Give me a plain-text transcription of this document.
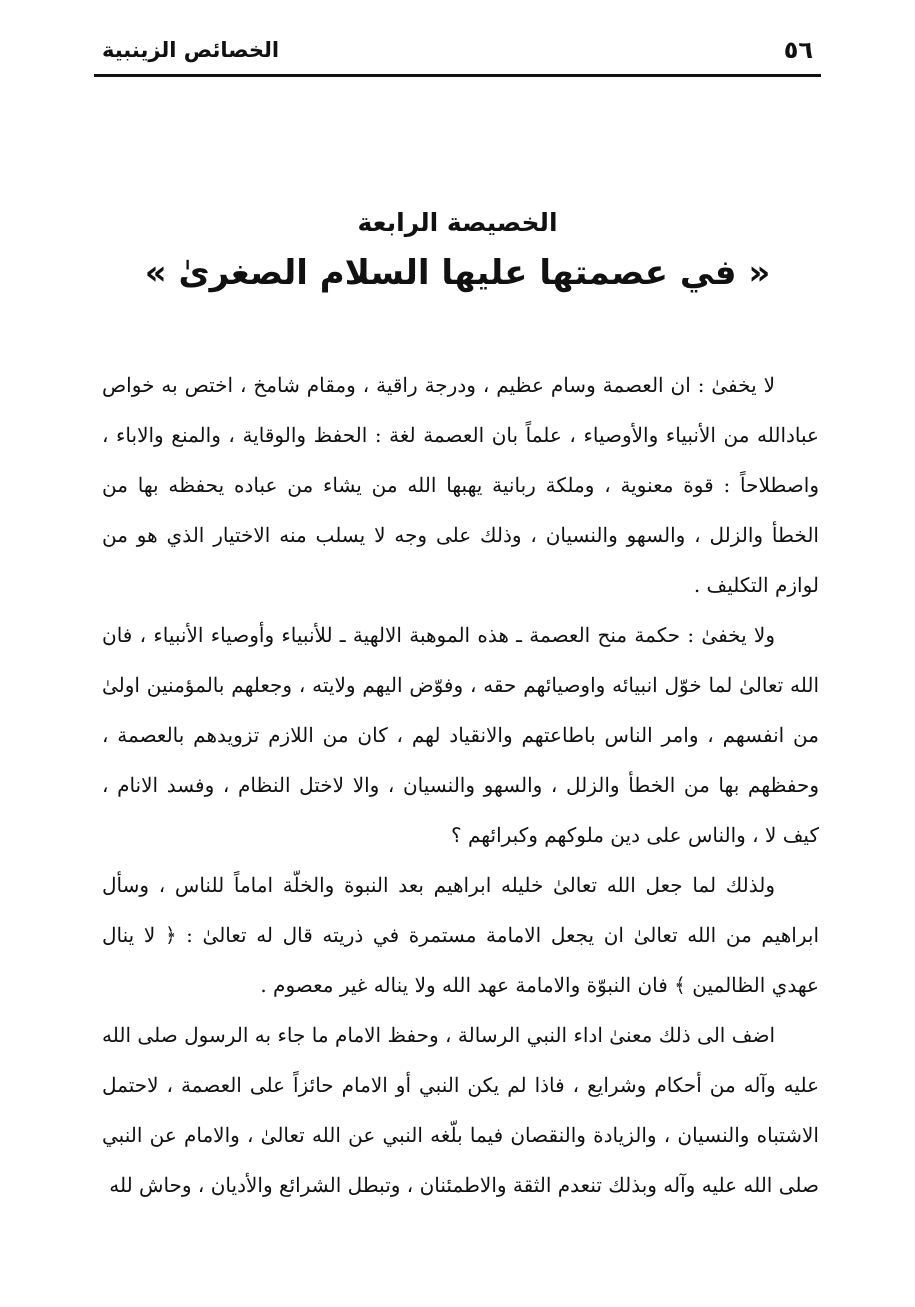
الخصائص الزينبية	٥٦
الخصيصة الرابعة
« في عصمتها عليها السلام الصغرىٰ »

لا يخفىٰ : ان العصمة وسام عظيم ، ودرجة راقية ، ومقام شامخ ، اختص به خواص عبادالله من الأنبياء والأوصياء ، علماً بان العصمة لغة : الحفظ والوقاية ، والمنع والاباء ، واصطلاحاً : قوة معنوية ، وملكة ربانية يهبها الله من يشاء من عباده يحفظه بها من الخطأ والزلل ، والسهو والنسيان ، وذلك على وجه لا يسلب منه الاختيار الذي هو من لوازم التكليف .

ولا يخفىٰ : حكمة منح العصمة ـ هذه الموهبة الالهية ـ للأنبياء وأوصياء الأنبياء ، فان الله تعالىٰ لما خوّل انبيائه واوصيائهم حقه ، وفوّض اليهم ولايته ، وجعلهم بالمؤمنين اولىٰ من انفسهم ، وامر الناس باطاعتهم والانقياد لهم ، كان من اللازم تزويدهم بالعصمة ، وحفظهم بها من الخطأ والزلل ، والسهو والنسيان ، والا لاختل النظام ، وفسد الانام ، كيف لا ، والناس على دين ملوكهم وكبرائهم ؟

ولذلك لما جعل الله تعالىٰ خليله ابراهيم بعد النبوة والخلّة اماماً للناس ، وسأل ابراهيم من الله تعالىٰ ان يجعل الامامة مستمرة في ذريته قال له تعالىٰ : ﴿ لا ينال عهدي الظالمين ﴾ فان النبوّة والامامة عهد الله ولا يناله غير معصوم .

اضف الى ذلك معنىٰ اداء النبي الرسالة ، وحفظ الامام ما جاء به الرسول صلى الله عليه وآله من أحكام وشرايع ، فاذا لم يكن النبي أو الامام حائزاً على العصمة ، لاحتمل الاشتباه والنسيان ، والزيادة والنقصان فيما بلّغه النبي عن الله تعالىٰ ، والامام عن النبي صلى الله عليه وآله وبذلك تنعدم الثقة والاطمئنان ، وتبطل الشرائع والأديان ، وحاش لله
